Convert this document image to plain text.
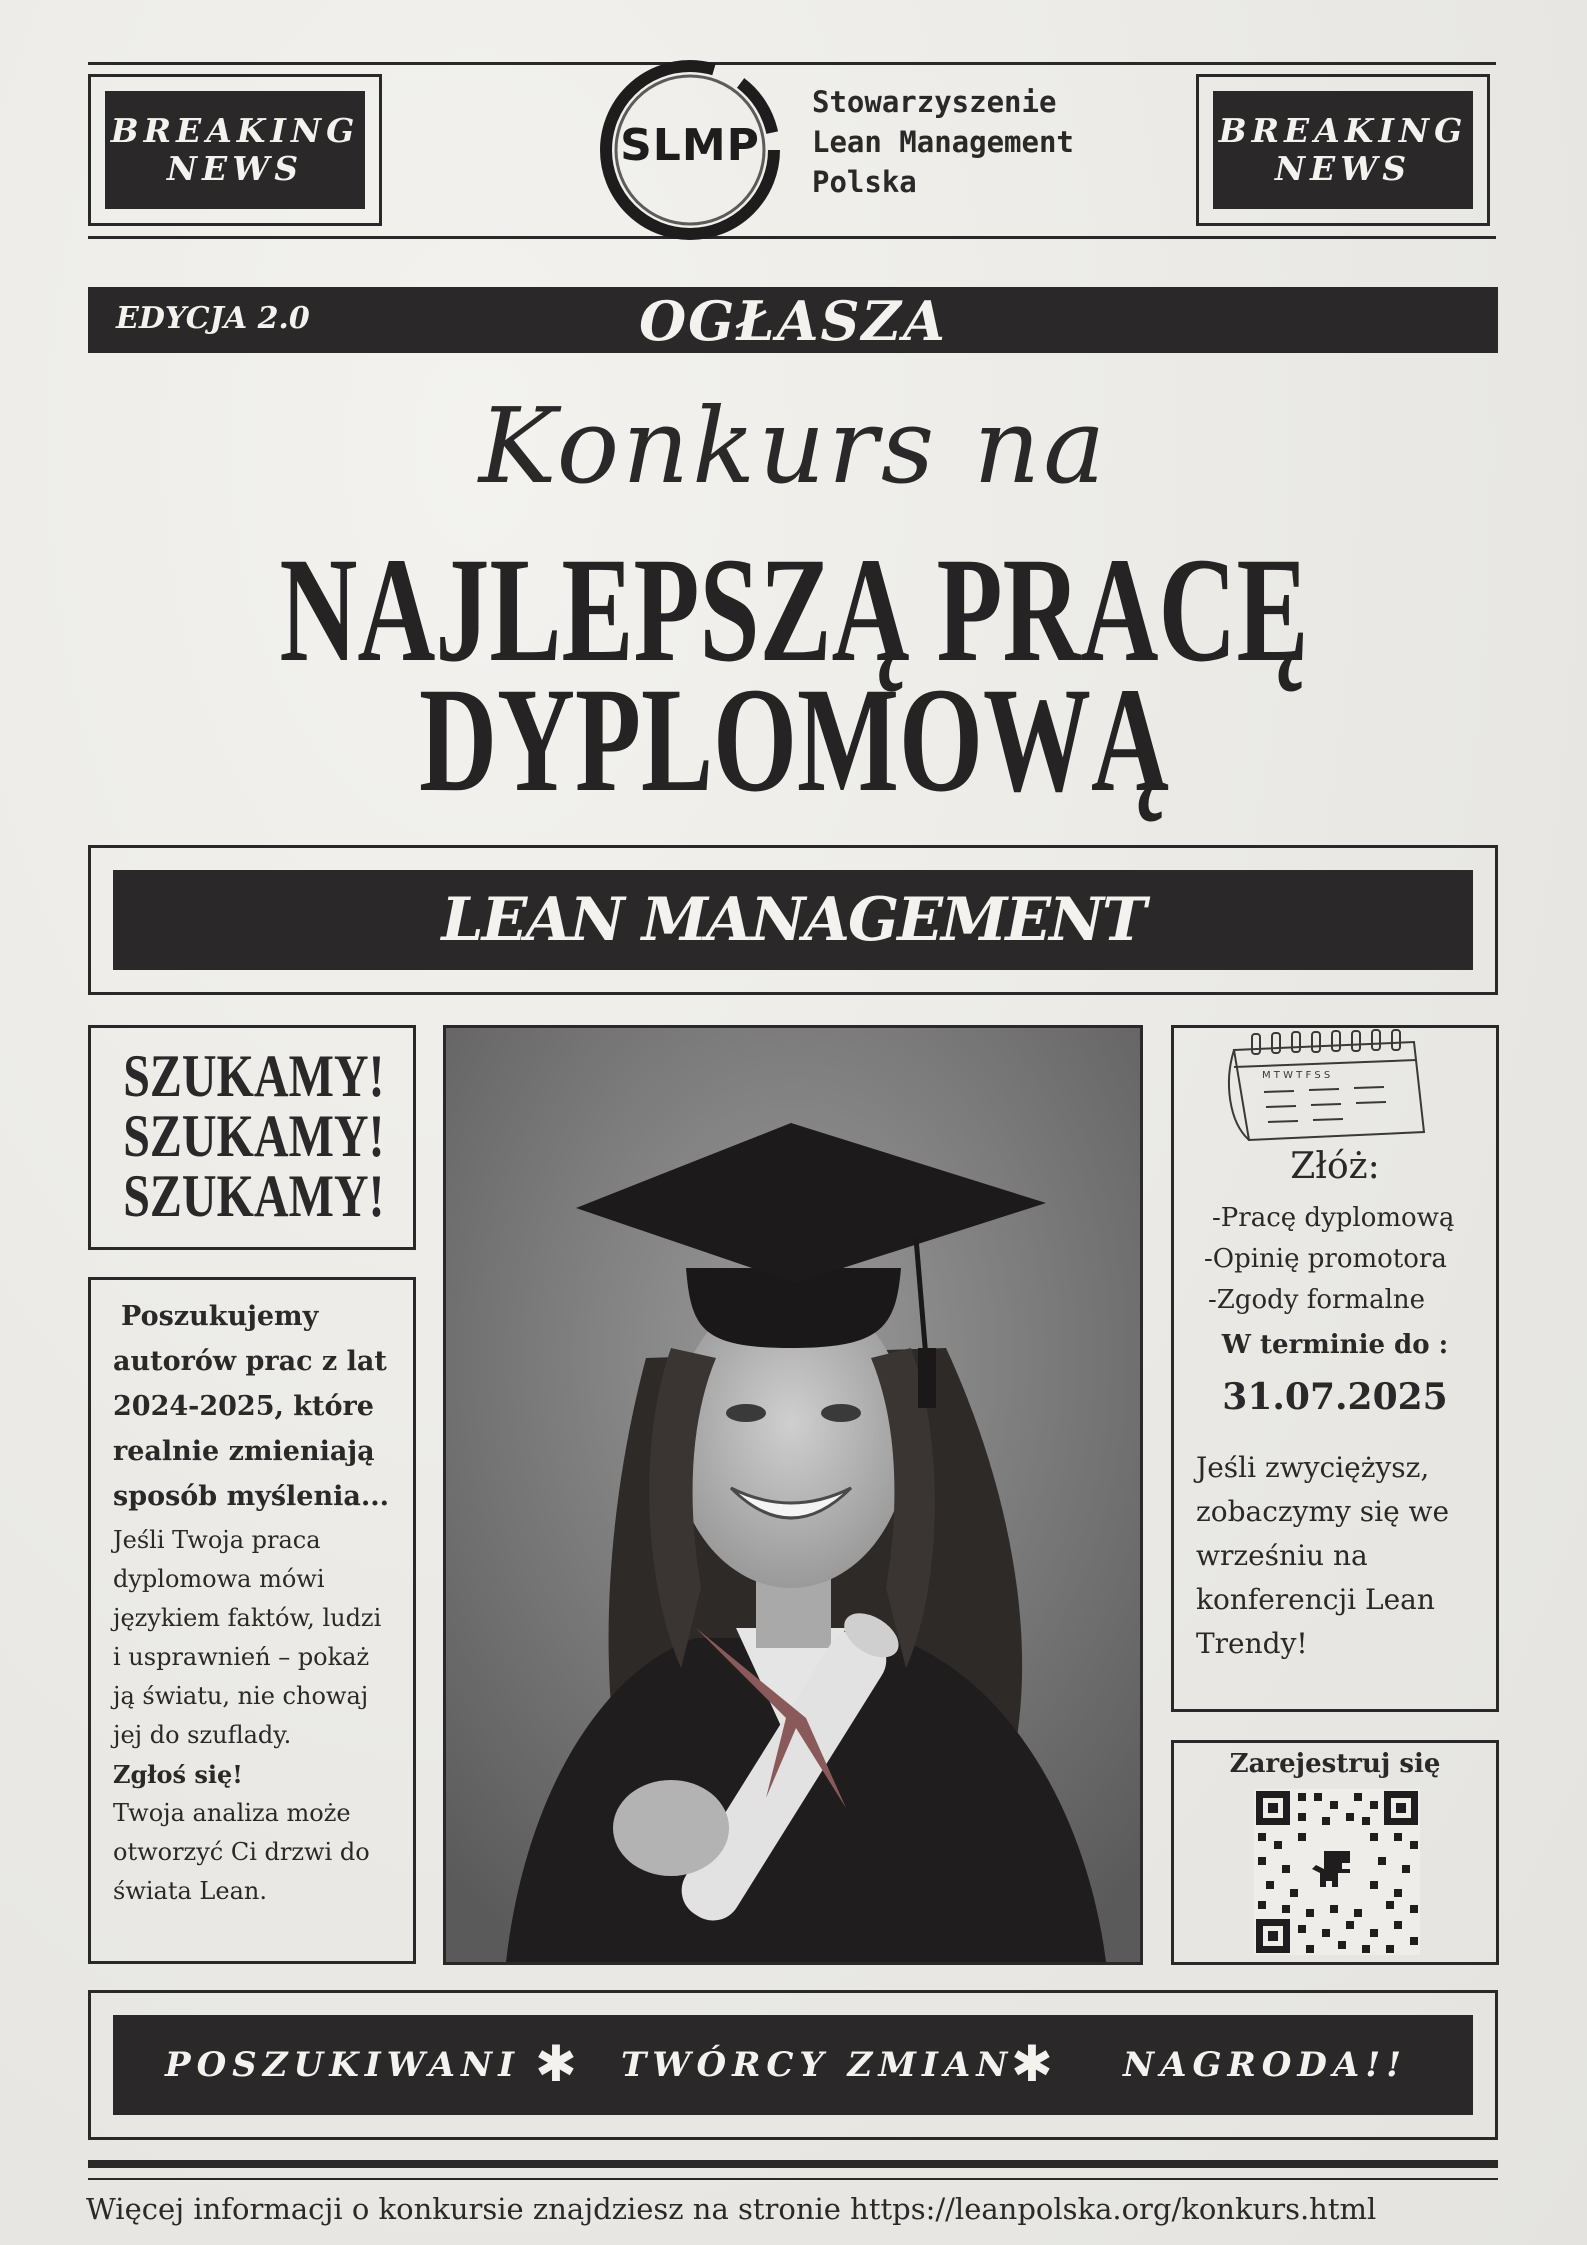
BREAKING
NEWS
BREAKING
NEWS
SLMP
Stowarzyszenie
Lean Management
Polska
EDYCJA 2.0	OGŁASZA
Konkurs na
NAJLEPSZĄ PRACĘ
DYPLOMOWĄ
LEAN MANAGEMENT
SZUKAMY!
SZUKAMY!
SZUKAMY!
Poszukujemy
autorów prac z lat
2024-2025, które
realnie zmieniają
sposób myślenia...
Jeśli Twoja praca
dyplomowa mówi
językiem faktów, ludzi
i usprawnień – pokaż
ją światu, nie chowaj
jej do szuflady.
Zgłoś się!
Twoja analiza może
otworzyć Ci drzwi do
świata Lean.
M T W T F S S
Złóż:
-Pracę dyplomową
-Opinię promotora
-Zgody formalne
W terminie do :
31.07.2025
Jeśli zwyciężysz,
zobaczymy się we
wrześniu na
konferencji Lean
Trendy!
Zarejestruj się
POSZUKIWANI ✱ TWÓRCY ZMIAN
✱ NAGRODA!!
Więcej informacji o konkursie znajdziesz na stronie https://leanpolska.org/konkurs.html
